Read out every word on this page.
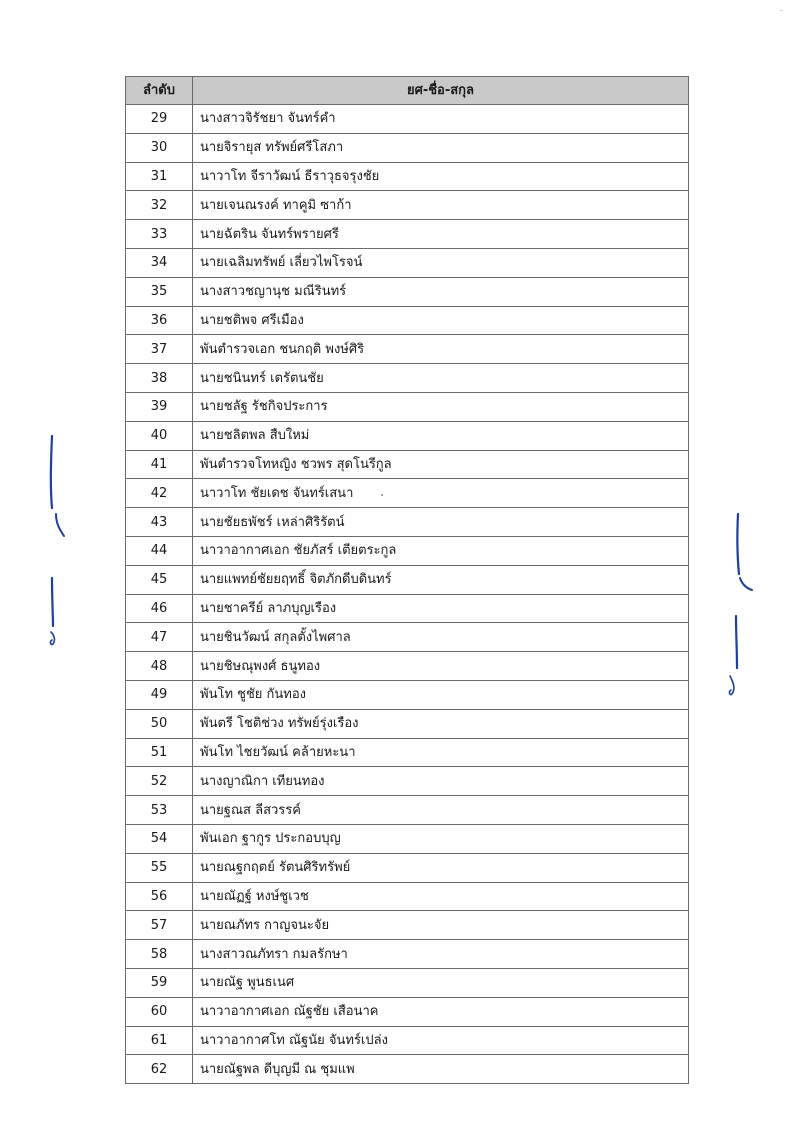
ลำดับ	ยศ-ชื่อ-สกุล
29	นางสาวจิรัชยา จันทร์คำ
30	นายจิรายุส ทรัพย์ศรีโสภา
31	นาวาโท จีราวัฒน์ ธีราวุธจรุงชัย
32	นายเจนณรงค์ ทาคูมิ ซาก้า
33	นายฉัตริน จันทร์พรายศรี
34	นายเฉลิมทรัพย์ เลี่ยวไพโรจน์
35	นางสาวชญานุช มณีรินทร์
36	นายชติพจ ศรีเมือง
37	พันตำรวจเอก ชนกฤติ พงษ์ศิริ
38	นายชนินทร์ เตรัตนชัย
39	นายชลัฐ รัชกิจประการ
40	นายชลิตพล สืบใหม่
41	พันตำรวจโทหญิง ชวพร สุดโนรีกูล
42	นาวาโท ชัยเดช จันทร์เสนา
43	นายชัยธพัชร์ เหล่าศิริรัตน์
44	นาวาอากาศเอก ชัยภัสร์ เตียตระกูล
45	นายแพทย์ชัยยฤทธิ์ จิตภักดีบดินทร์
46	นายชาครีย์ ลาภบุญเรือง
47	นายชินวัฒน์ สกุลตั้งไพศาล
48	นายชิษณุพงศ์ ธนูทอง
49	พันโท ชูชัย กันทอง
50	พันตรี โชติช่วง ทรัพย์รุ่งเรือง
51	พันโท ไชยวัฒน์ คล้ายหะนา
52	นางญาณิกา เทียนทอง
53	นายฐณส ลีสวรรค์
54	พันเอก ฐากูร ประกอบบุญ
55	นายณฐกฤตย์ รัตนศิริทรัพย์
56	นายณัฏฐ์ หงษ์ชูเวช
57	นายณภัทร กาญจนะจัย
58	นางสาวณภัทรา กมลรักษา
59	นายณัฐ พูนธเนศ
60	นาวาอากาศเอก ณัฐชัย เสือนาค
61	นาวาอากาศโท ณัฐนัย จันทร์เปล่ง
62	นายณัฐพล ดีบุญมี ณ ชุมแพ
